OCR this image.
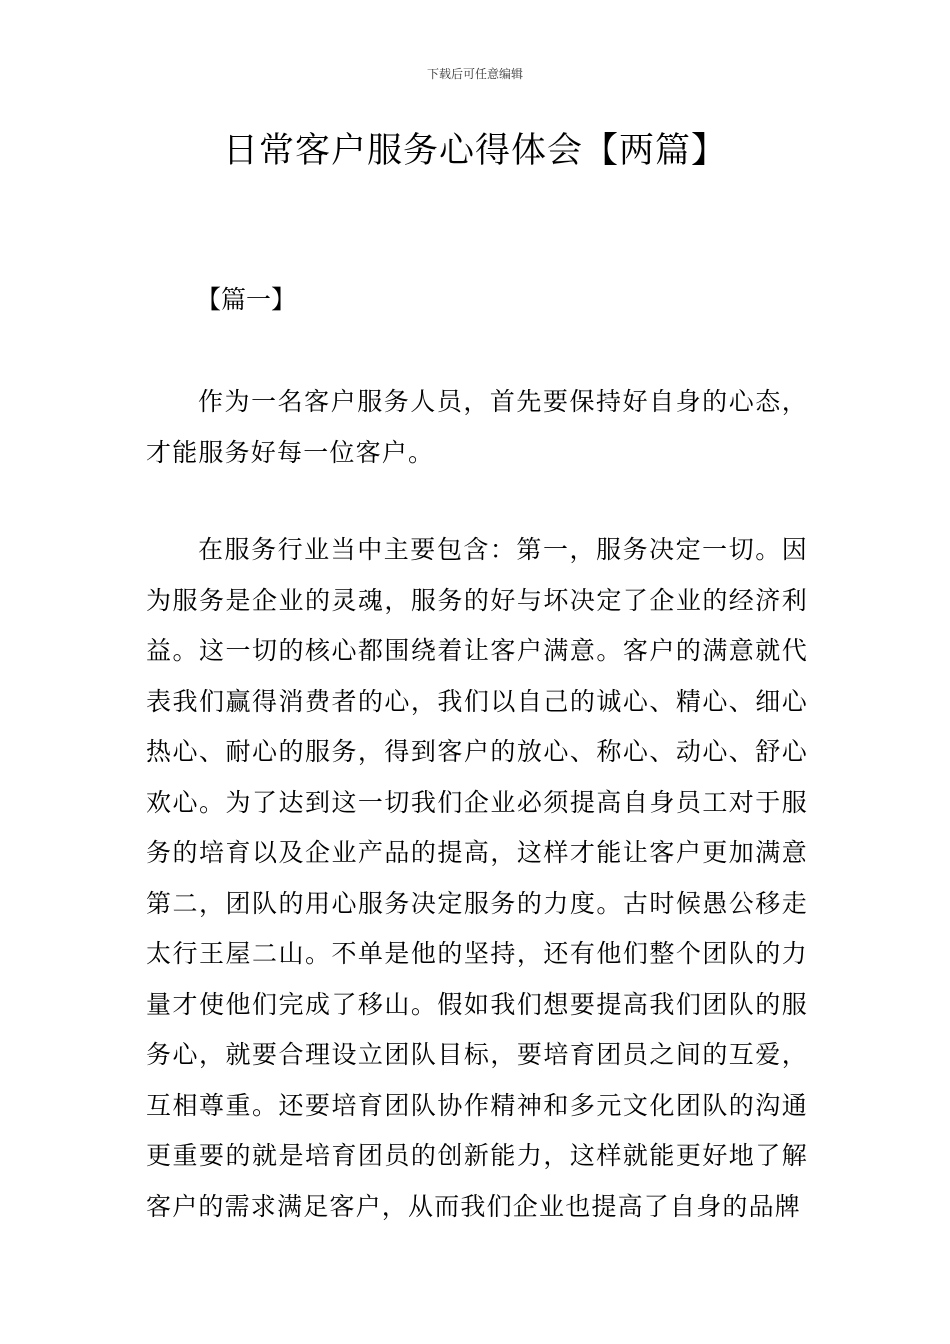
下载后可任意编辑
日常客户服务心得体会【两篇】
【篇一】

作为一名客户服务人员，首先要保持好自身的心态，才能服务好每一位客户。

在服务行业当中主要包含：第一，服务决定一切。因为服务是企业的灵魂，服务的好与坏决定了企业的经济利益。这一切的核心都围绕着让客户满意。客户的满意就代表我们赢得消费者的心，我们以自己的诚心、精心、细心热心、耐心的服务，得到客户的放心、称心、动心、舒心欢心。为了达到这一切我们企业必须提高自身员工对于服务的培育以及企业产品的提高，这样才能让客户更加满意第二，团队的用心服务决定服务的力度。古时候愚公移走太行王屋二山。不单是他的坚持，还有他们整个团队的力量才使他们完成了移山。假如我们想要提高我们团队的服务心，就要合理设立团队目标，要培育团员之间的互爱，互相尊重。还要培育团队协作精神和多元文化团队的沟通更重要的就是培育团员的创新能力，这样就能更好地了解客户的需求满足客户，从而我们企业也提高了自身的品牌
